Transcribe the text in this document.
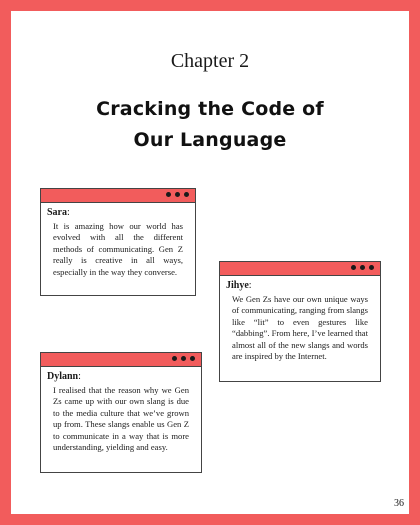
Chapter 2
Cracking the Code of
Our Language
Sara:
It is amazing how our world has evolved with all the different methods of communicating. Gen Z really is creative in all ways, especially in the way they converse.
Jihye:
We Gen Zs have our own unique ways of communicating, ranging from slangs like “lit” to even gestures like “dabbing”. From here, I’ve learned that almost all of the new slangs and words are inspired by the Internet.
Dylann:
I realised that the reason why we Gen Zs came up with our own slang is due to the media culture that we’ve grown up from. These slangs enable us Gen Z to communicate in a way that is more understanding, yielding and easy.
36
